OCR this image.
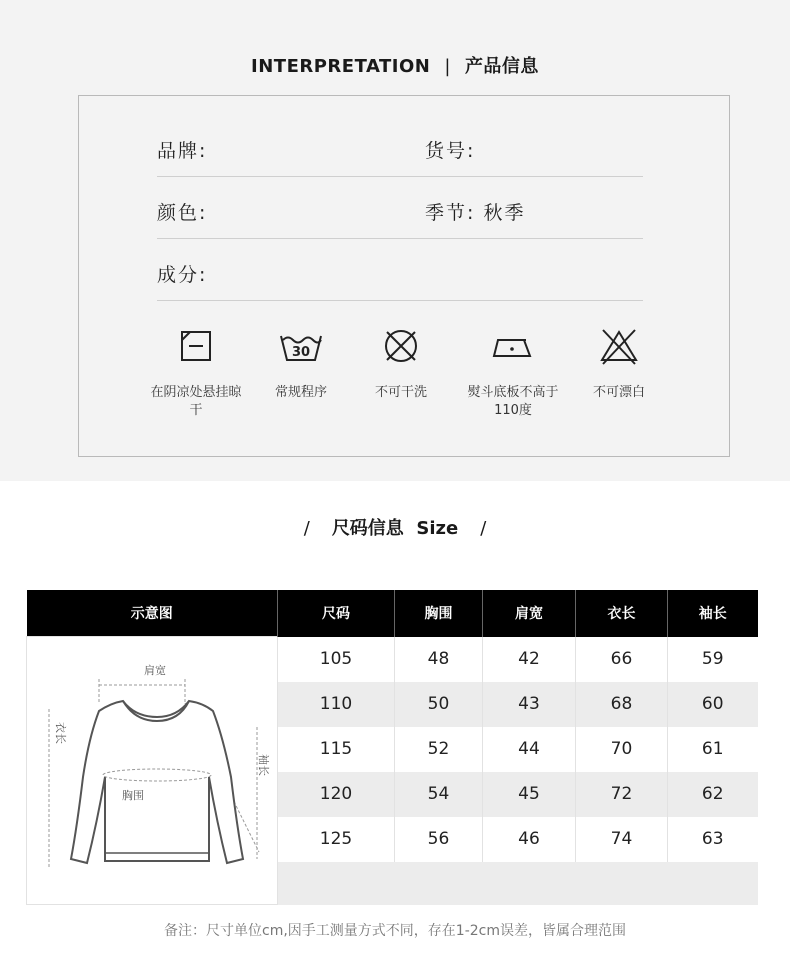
INTERPRETATION | 产品信息
品牌:	货号:
颜色:	季节: 秋季
成分:
在阴凉处悬挂晾干
30
常规程序	不可干洗	熨斗底板不高于110度
不可漂白
/ 尺码信息 Size /
示意图	尺码	胸围	肩宽	衣长	袖长

肩宽
衣长
袖长
胸围	105	48	42	66	59
	110	50	43	68	60
	115	52	44	70	61
	120	54	45	72	62
	125	56	46	74	63

备注：尺寸单位cm,因手工测量方式不同，存在1-2cm误差，皆属合理范围
